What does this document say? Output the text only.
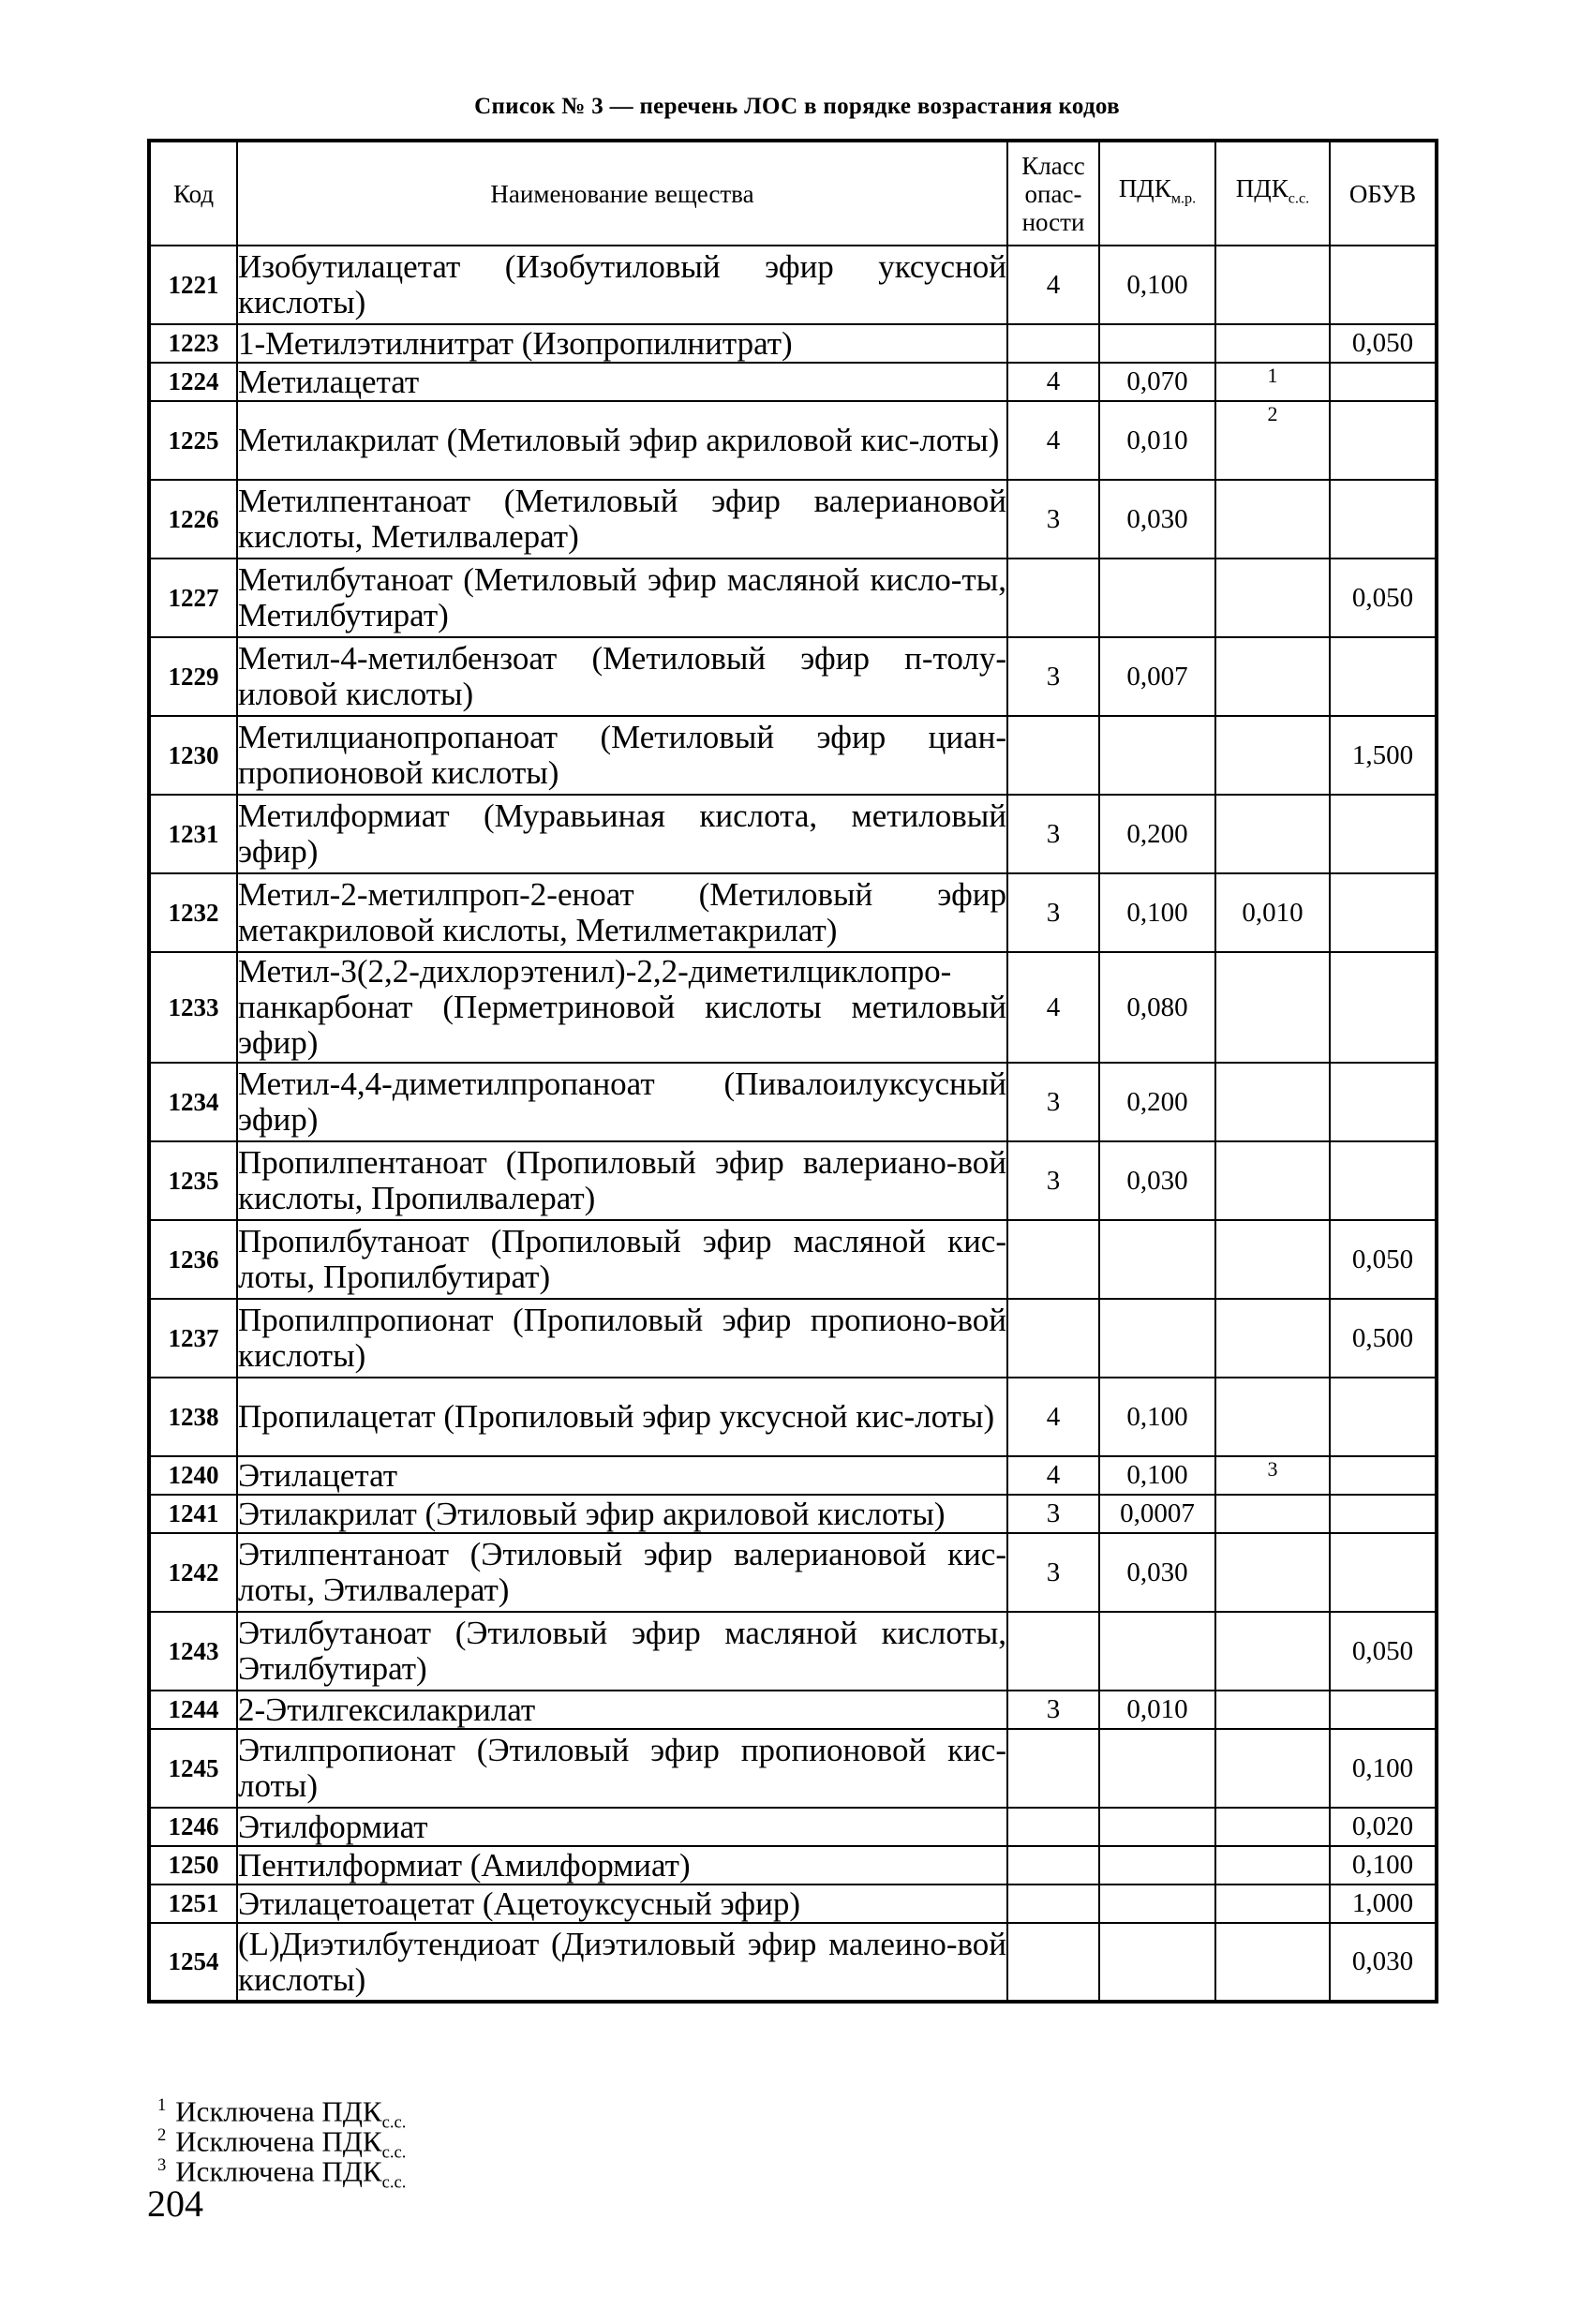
Список № 3 — перечень ЛОС в порядке возрастания кодов
Код	Наименование вещества	Класс опас-ности	$ПДК_{м.р.}$	$ПДК_{с.с.}$	ОБУВ
1221	Изобутилацетат (Изобутиловый эфир уксусной кислоты)	4	0,100		
1223	1-Метилэтилнитрат (Изопропилнитрат)				0,050
1224	Метилацетат	4	0,070	1	
1225	Метилакрилат (Метиловый эфир акриловой кис-лоты)	4	0,010	2	
1226	Метилпентаноат (Метиловый эфир валериановой кислоты, Метилвалерат)	3	0,030		
1227	Метилбутаноат (Метиловый эфир масляной кисло-ты, Метилбутират)				0,050
1229	Метил-4-метилбензоат (Метиловый эфир п-толу-иловой кислоты)	3	0,007		
1230	Метилцианопропаноат (Метиловый эфир циан-пропионовой кислоты)				1,500
1231	Метилформиат (Муравьиная кислота, метиловый эфир)	3	0,200		
1232	Метил-2-метилпроп-2-еноат (Метиловый эфир метакриловой кислоты, Метилметакрилат)	3	0,100	0,010	
1233	Метил-3(2,2-дихлорэтенил)-2,2-диметилциклопро-панкарбонат (Перметриновой кислоты метиловый эфир)	4	0,080		
1234	Метил-4,4-диметилпропаноат (Пивалоилуксусный эфир)	3	0,200		
1235	Пропилпентаноат (Пропиловый эфир валериано-вой кислоты, Пропилвалерат)	3	0,030		
1236	Пропилбутаноат (Пропиловый эфир масляной кис-лоты, Пропилбутират)				0,050
1237	Пропилпропионат (Пропиловый эфир пропионо-вой кислоты)				0,500
1238	Пропилацетат (Пропиловый эфир уксусной кис-лоты)	4	0,100		
1240	Этилацетат	4	0,100	3	
1241	Этилакрилат (Этиловый эфир акриловой кислоты)	3	0,0007		
1242	Этилпентаноат (Этиловый эфир валериановой кис-лоты, Этилвалерат)	3	0,030		
1243	Этилбутаноат (Этиловый эфир масляной кислоты, Этилбутират)				0,050
1244	2-Этилгексилакрилат	3	0,010		
1245	Этилпропионат (Этиловый эфир пропионовой кис-лоты)				0,100
1246	Этилформиат				0,020
1250	Пентилформиат (Амилформиат)				0,100
1251	Этилацетоацетат (Ацетоуксусный эфир)				1,000
1254	(L)Диэтилбутендиоат (Диэтиловый эфир малеино-вой кислоты)				0,030
$^1$ Исключена $ПДК_{с.с.}$
$^2$ Исключена $ПДК_{с.с.}$
$^3$ Исключена $ПДК_{с.с.}$
204
